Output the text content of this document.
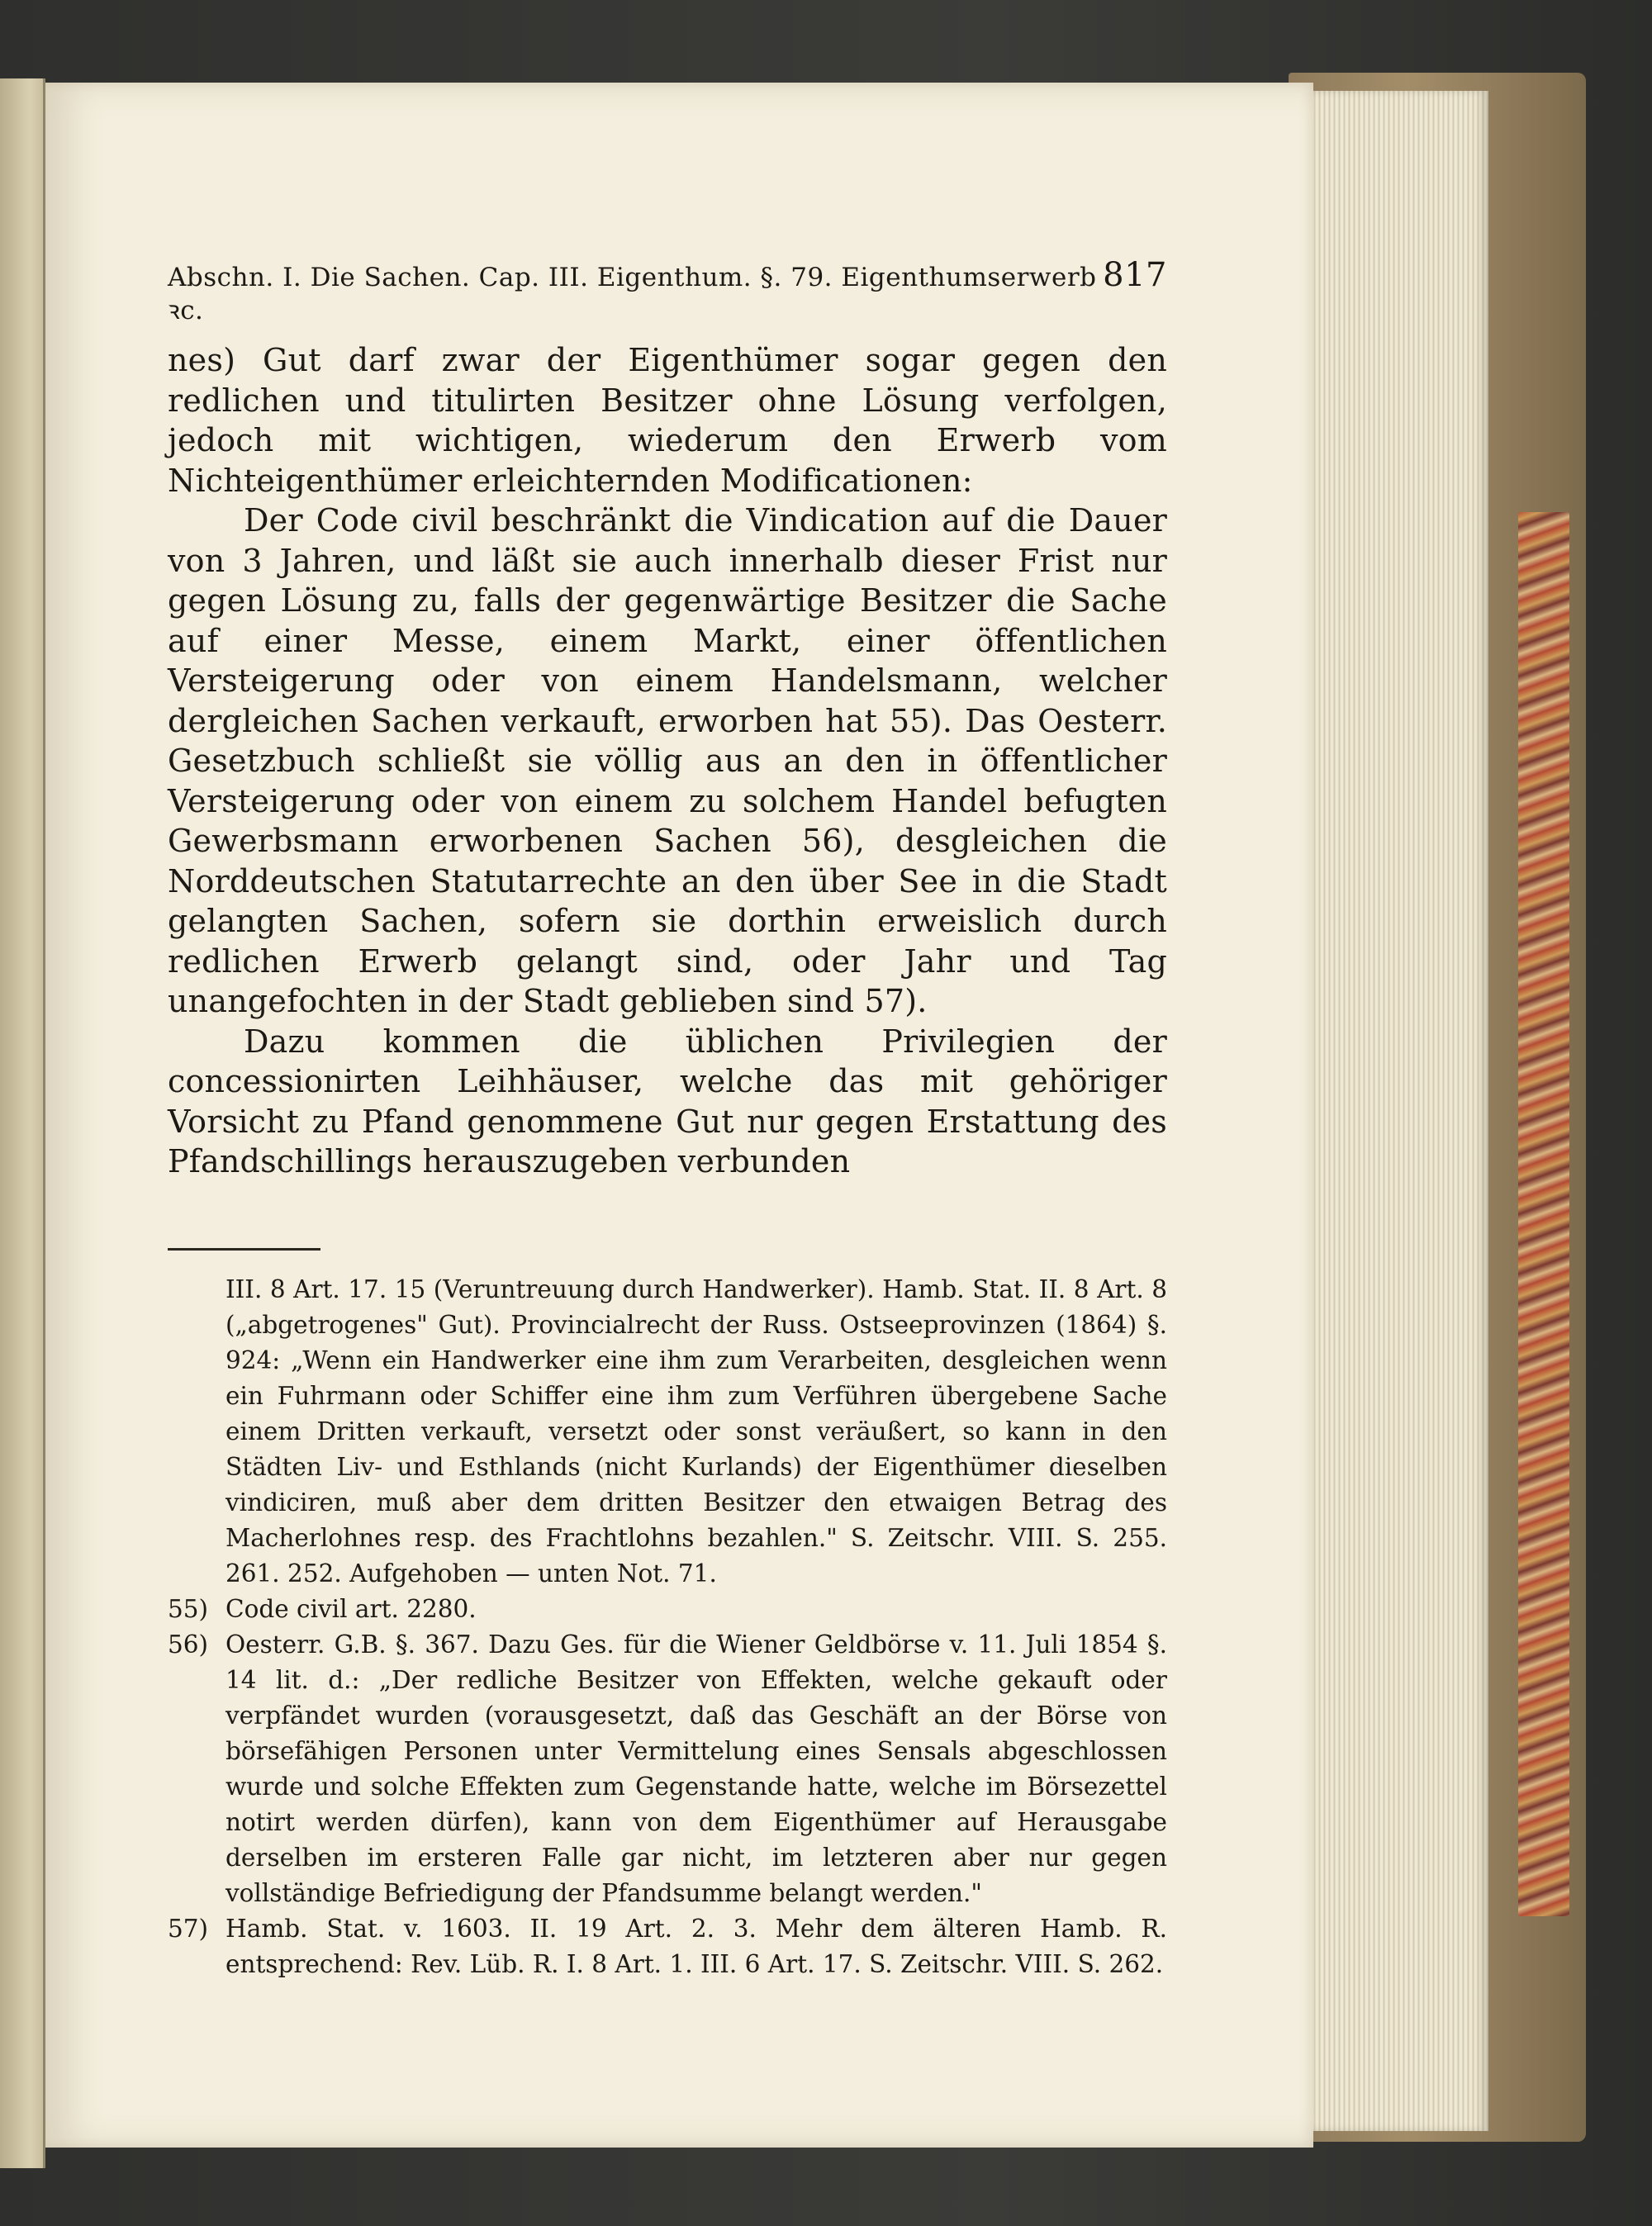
Abschn. I. Die Sachen. Cap. III. Eigenthum. §. 79. Eigenthumserwerb ꝛc.
817

nes) Gut darf zwar der Eigenthümer sogar gegen den redlichen und titulirten Besitzer ohne Lösung verfolgen, jedoch mit wichtigen, wiederum den Erwerb vom Nichteigenthümer erleichternden Modificationen:

Der Code civil beschränkt die Vindication auf die Dauer von 3 Jahren, und läßt sie auch innerhalb dieser Frist nur gegen Lösung zu, falls der gegenwärtige Besitzer die Sache auf einer Messe, einem Markt, einer öffentlichen Versteigerung oder von einem Handelsmann, welcher dergleichen Sachen verkauft, erworben hat 55). Das Oesterr. Gesetzbuch schließt sie völlig aus an den in öffentlicher Versteigerung oder von einem zu solchem Handel befugten Gewerbsmann erworbenen Sachen 56), desgleichen die Norddeutschen Statutarrechte an den über See in die Stadt gelangten Sachen, sofern sie dorthin erweislich durch redlichen Erwerb gelangt sind, oder Jahr und Tag unangefochten in der Stadt geblieben sind 57).

Dazu kommen die üblichen Privilegien der concessionirten Leihhäuser, welche das mit gehöriger Vorsicht zu Pfand genommene Gut nur gegen Erstattung des Pfandschillings herauszugeben verbunden

III. 8 Art. 17. 15 (Veruntreuung durch Handwerker). Hamb. Stat. II. 8 Art. 8 („abgetrogenes" Gut). Provincialrecht der Russ. Ostseeprovinzen (1864) §. 924: „Wenn ein Handwerker eine ihm zum Verarbeiten, desgleichen wenn ein Fuhrmann oder Schiffer eine ihm zum Verführen übergebene Sache einem Dritten verkauft, versetzt oder sonst veräußert, so kann in den Städten Liv- und Esthlands (nicht Kurlands) der Eigenthümer dieselben vindiciren, muß aber dem dritten Besitzer den etwaigen Betrag des Macherlohnes resp. des Frachtlohns bezahlen." S. Zeitschr. VIII. S. 255. 261. 252. Aufgehoben — unten Not. 71.
55) Code civil art. 2280.
56) Oesterr. G.B. §. 367. Dazu Ges. für die Wiener Geldbörse v. 11. Juli 1854 §. 14 lit. d.: „Der redliche Besitzer von Effekten, welche gekauft oder verpfändet wurden (vorausgesetzt, daß das Geschäft an der Börse von börsefähigen Personen unter Vermittelung eines Sensals abgeschlossen wurde und solche Effekten zum Gegenstande hatte, welche im Börsezettel notirt werden dürfen), kann von dem Eigenthümer auf Herausgabe derselben im ersteren Falle gar nicht, im letzteren aber nur gegen vollständige Befriedigung der Pfandsumme belangt werden."
57) Hamb. Stat. v. 1603. II. 19 Art. 2. 3. Mehr dem älteren Hamb. R. entsprechend: Rev. Lüb. R. I. 8 Art. 1. III. 6 Art. 17. S. Zeitschr. VIII. S. 262.
